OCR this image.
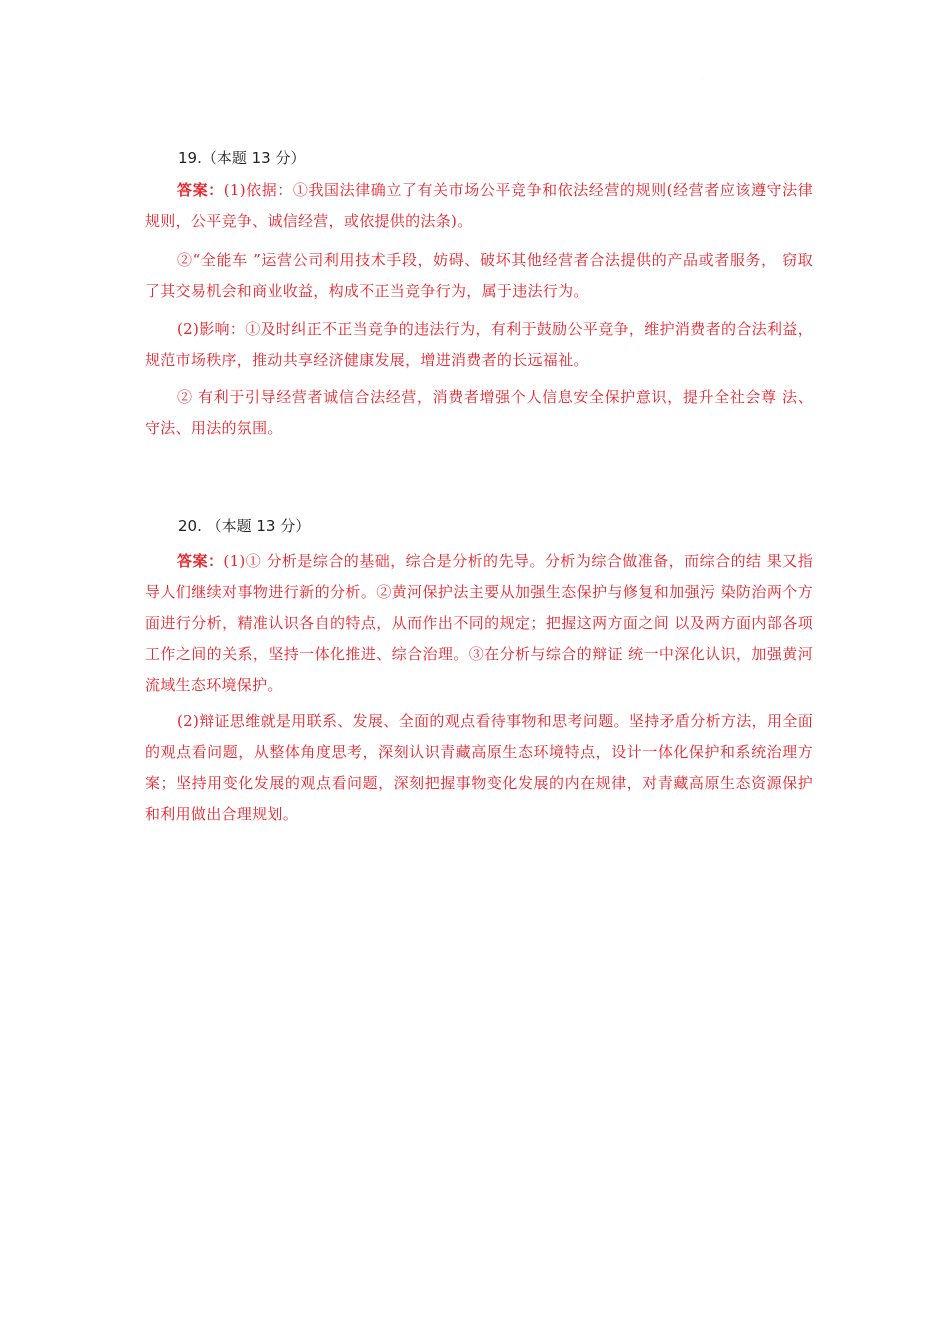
·
19.（本题 13 分）
答案：(1)依据：①我国法律确立了有关市场公平竞争和依法经营的规则(经营者应该遵守法律规则，公平竞争、诚信经营，或依提供的法条)。
②“全能车 ”运营公司利用技术手段，妨碍、破坏其他经营者合法提供的产品或者服务， 窃取了其交易机会和商业收益，构成不正当竞争行为，属于违法行为。
(2)影响：①及时纠正不正当竞争的违法行为，有利于鼓励公平竞争，维护消费者的合法利益，规范市场秩序，推动共享经济健康发展，增进消费者的长远福祉。
② 有利于引导经营者诚信合法经营，消费者增强个人信息安全保护意识，提升全社会尊 法、守法、用法的氛围。
20. （本题 13 分）
答案：(1)① 分析是综合的基础，综合是分析的先导。分析为综合做准备，而综合的结 果又指导人们继续对事物进行新的分析。②黄河保护法主要从加强生态保护与修复和加强污 染防治两个方面进行分析，精准认识各自的特点，从而作出不同的规定；把握这两方面之间 以及两方面内部各项工作之间的关系，坚持一体化推进、综合治理。③在分析与综合的辩证 统一中深化认识，加强黄河流域生态环境保护。
(2)辩证思维就是用联系、发展、全面的观点看待事物和思考问题。坚持矛盾分析方法，用全面的观点看问题，从整体角度思考，深刻认识青藏高原生态环境特点，设计一体化保护和系统治理方案；坚持用变化发展的观点看问题，深刻把握事物变化发展的内在规律，对青藏高原生态资源保护和利用做出合理规划。
